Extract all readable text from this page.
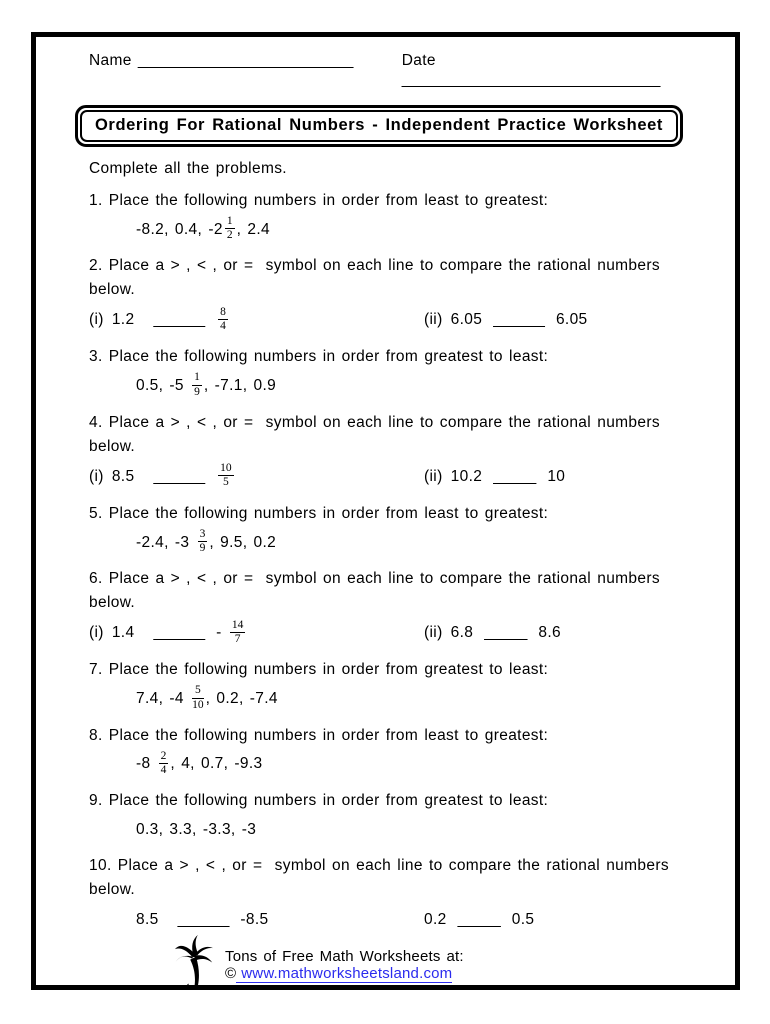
Name _________________________	Date ______________________________
Ordering For Rational Numbers - Independent Practice Worksheet
Complete all the problems.
1. Place the following numbers in order from least to greatest:
-8.2, 0.4, $-2 \frac{1}{2}$ , 2.4
2. Place a > , < , or =  symbol on each line to compare the rational numbers
below.
(i) 1.2 ______ $\frac{8}{4}$	(ii) 6.05 ______ 6.05
3. Place the following numbers in order from greatest to least:
0.5, $-5 \frac{1}{9}$ , -7.1, 0.9
4. Place a > , < , or =  symbol on each line to compare the rational numbers
below.
(i) 8.5 ______ $\frac{10}{5}$	(ii) 10.2 _____ 10
5. Place the following numbers in order from least to greatest:
-2.4, $-3 \frac{3}{9}$ , 9.5, 0.2
6. Place a > , < , or =  symbol on each line to compare the rational numbers
below.
(i) 1.4 ______ - $\frac{14}{7}$	(ii) 6.8 _____ 8.6
7. Place the following numbers in order from greatest to least:
7.4, $-4 \frac{5}{10}$ , 0.2, -7.4
8. Place the following numbers in order from least to greatest:
$-8 \frac{2}{4}$ , 4, 0.7, -9.3
9. Place the following numbers in order from greatest to least:
0.3, 3.3, -3.3, -3
10. Place a > , < , or =  symbol on each line to compare the rational numbers
below.
8.5 ______ -8.5	0.2 _____ 0.5
Tons of Free Math Worksheets at: © www.mathworksheetsland.com
